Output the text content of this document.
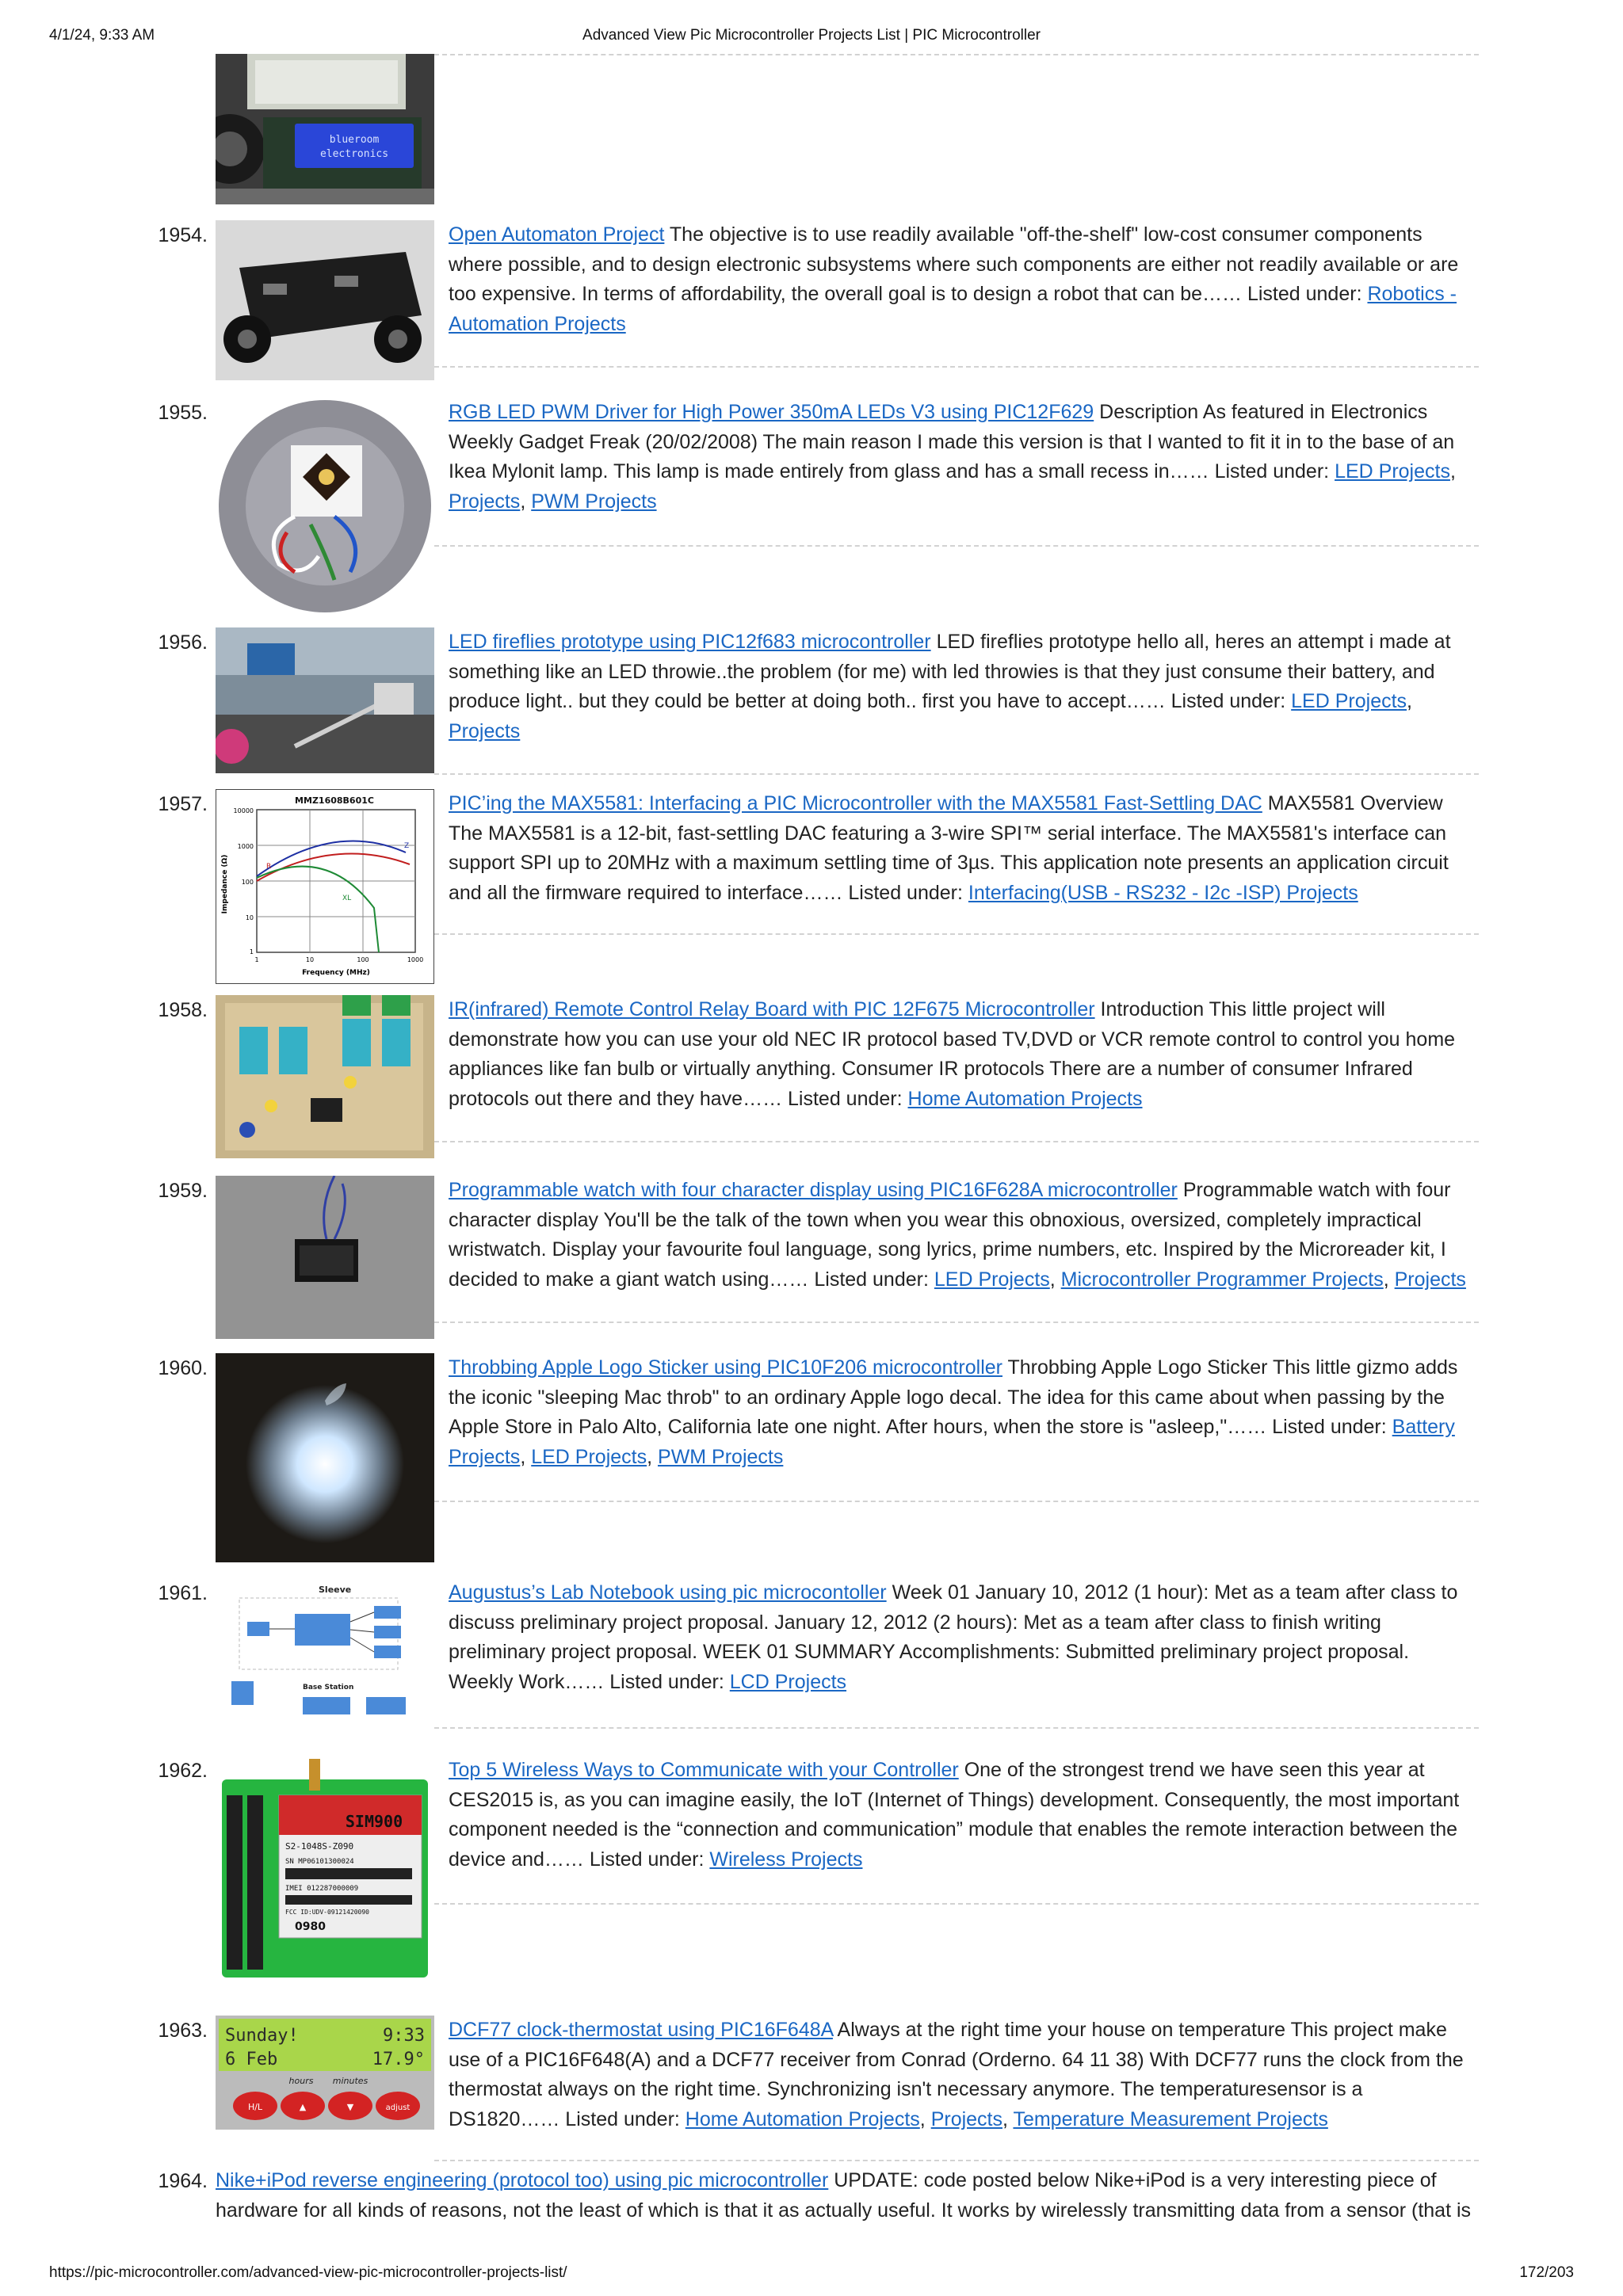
4/1/24, 9:33 AM	Advanced View Pic Microcontroller Projects List | PIC Microcontroller
blueroom
electronics
1954.	Open Automaton Project The objective is to use readily available "off-the-shelf" low-cost consumer components where possible, and to design electronic subsystems where such components are either not readily available or are too expensive. In terms of affordability, the overall goal is to design a robot that can be…… Listed under: Robotics - Automation Projects
1955.	RGB LED PWM Driver for High Power 350mA LEDs V3 using PIC12F629 Description As featured in Electronics Weekly Gadget Freak (20/02/2008) The main reason I made this version is that I wanted to fit it in to the base of an Ikea Mylonit lamp. This lamp is made entirely from glass and has a small recess in…… Listed under: LED Projects, Projects, PWM Projects
1956.	LED fireflies prototype using PIC12f683 microcontroller LED fireflies prototype hello all, heres an attempt i made at something like an LED throwie..the problem (for me) with led throwies is that they just consume their battery, and produce light.. but they could be better at doing both.. first you have to accept…… Listed under: LED Projects, Projects
1957.	MMZ1608B601C
10000
1000
100
10
1
1	10	100	1000
Frequency (MHz)
Impedance (Ω)
Z
R
XL
PIC’ing the MAX5581: Interfacing a PIC Microcontroller with the MAX5581 Fast-Settling DAC MAX5581 Overview The MAX5581 is a 12-bit, fast-settling DAC featuring a 3-wire SPI™ serial interface. The MAX5581's interface can support SPI up to 20MHz with a maximum settling time of 3µs. This application note presents an application circuit and all the firmware required to interface…… Listed under: Interfacing(USB - RS232 - I2c -ISP) Projects
1958.	IR(infrared) Remote Control Relay Board with PIC 12F675 Microcontroller Introduction This little project will demonstrate how you can use your old NEC IR protocol based TV,DVD or VCR remote control to control you home appliances like fan bulb or virtually anything. Consumer IR protocols There are a number of consumer Infrared protocols out there and they have…… Listed under: Home Automation Projects
1959.	Programmable watch with four character display using PIC16F628A microcontroller Programmable watch with four character display You'll be the talk of the town when you wear this obnoxious, oversized, completely impractical wristwatch. Display your favourite foul language, song lyrics, prime numbers, etc. Inspired by the Microreader kit, I decided to make a giant watch using…… Listed under: LED Projects, Microcontroller Programmer Projects, Projects
1960.	Throbbing Apple Logo Sticker using PIC10F206 microcontroller Throbbing Apple Logo Sticker This little gizmo adds the iconic "sleeping Mac throb" to an ordinary Apple logo decal. The idea for this came about when passing by the Apple Store in Palo Alto, California late one night. After hours, when the store is "asleep,"…… Listed under: Battery Projects, LED Projects, PWM Projects
1961.	Sleeve
Base Station
Augustus’s Lab Notebook using pic microcontoller Week 01 January 10, 2012 (1 hour): Met as a team after class to discuss preliminary project proposal. January 12, 2012 (2 hours): Met as a team after class to finish writing preliminary project proposal. WEEK 01 SUMMARY Accomplishments: Submitted preliminary project proposal. Weekly Work…… Listed under: LCD Projects
1962.
SIM900
S2-1048S-Z090
SN MP06101300024
IMEI 012287000009
FCC ID:UDV-09121420090
0980
Top 5 Wireless Ways to Communicate with your Controller One of the strongest trend we have seen this year at CES2015 is, as you can imagine easily, the IoT (Internet of Things) development. Consequently, the most important component needed is the “connection and communication” module that enables the remote interaction between the device and…… Listed under: Wireless Projects
1963. Sunday!	9:33
6 Feb	17.9°
hours minutes
H/L	▲	▼	adjust
DCF77 clock-thermostat using PIC16F648A Always at the right time your house on temperature This project make use of a PIC16F648(A) and a DCF77 receiver from Conrad (Orderno. 64 11 38) With DCF77 runs the clock from the thermostat always on the right time. Synchronizing isn't necessary anymore. The temperaturesensor is a DS1820…… Listed under: Home Automation Projects, Projects, Temperature Measurement Projects
1964. Nike+iPod reverse engineering (protocol too) using pic microcontroller UPDATE: code posted below Nike+iPod is a very interesting piece of hardware for all kinds of reasons, not the least of which is that it as actually useful. It works by wirelessly transmitting data from a sensor (that is
https://pic-microcontroller.com/advanced-view-pic-microcontroller-projects-list/	172/203
